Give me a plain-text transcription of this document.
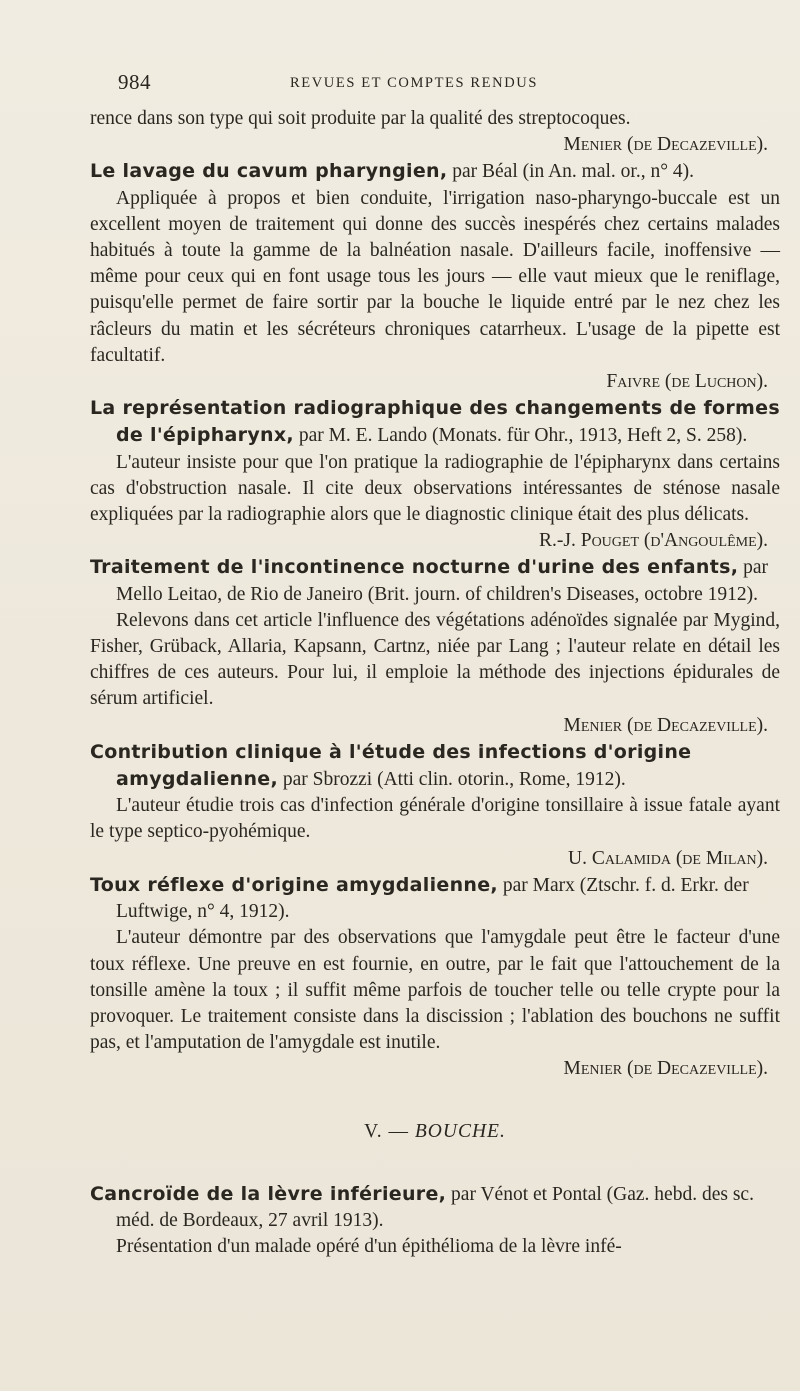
984	REVUES ET COMPTES RENDUS

rence dans son type qui soit produite par la qualité des streptocoques.

Menier (de Decazeville).

Le lavage du cavum pharyngien, par Béal (in An. mal. or., n° 4).

Appliquée à propos et bien conduite, l'irrigation naso-pharyngo-buccale est un excellent moyen de traitement qui donne des succès inespérés chez certains malades habitués à toute la gamme de la balnéation nasale. D'ailleurs facile, inoffensive — même pour ceux qui en font usage tous les jours — elle vaut mieux que le reniflage, puisqu'elle permet de faire sortir par la bouche le liquide entré par le nez chez les râcleurs du matin et les sécréteurs chroniques catarrheux. L'usage de la pipette est facultatif.

Faivre (de Luchon).

La représentation radiographique des changements de formes de l'épipharynx, par M. E. Lando (Monats. für Ohr., 1913, Heft 2, S. 258).

L'auteur insiste pour que l'on pratique la radiographie de l'épipharynx dans certains cas d'obstruction nasale. Il cite deux observations intéressantes de sténose nasale expliquées par la radiographie alors que le diagnostic clinique était des plus délicats.

R.-J. Pouget (d'Angoulême).

Traitement de l'incontinence nocturne d'urine des enfants, par Mello Leitao, de Rio de Janeiro (Brit. journ. of children's Diseases, octobre 1912).

Relevons dans cet article l'influence des végétations adénoïdes signalée par Mygind, Fisher, Grüback, Allaria, Kapsann, Cartnz, niée par Lang ; l'auteur relate en détail les chiffres de ces auteurs. Pour lui, il emploie la méthode des injections épidurales de sérum artificiel.

Menier (de Decazeville).

Contribution clinique à l'étude des infections d'origine amygdalienne, par Sbrozzi (Atti clin. otorin., Rome, 1912).

L'auteur étudie trois cas d'infection générale d'origine tonsillaire à issue fatale ayant le type septico-pyohémique.

U. Calamida (de Milan).

Toux réflexe d'origine amygdalienne, par Marx (Ztschr. f. d. Erkr. der Luftwige, n° 4, 1912).

L'auteur démontre par des observations que l'amygdale peut être le facteur d'une toux réflexe. Une preuve en est fournie, en outre, par le fait que l'attouchement de la tonsille amène la toux ; il suffit même parfois de toucher telle ou telle crypte pour la provoquer. Le traitement consiste dans la discission ; l'ablation des bouchons ne suffit pas, et l'amputation de l'amygdale est inutile.

Menier (de Decazeville).

V. — BOUCHE.

Cancroïde de la lèvre inférieure, par Vénot et Pontal (Gaz. hebd. des sc. méd. de Bordeaux, 27 avril 1913).

Présentation d'un malade opéré d'un épithélioma de la lèvre infé-
